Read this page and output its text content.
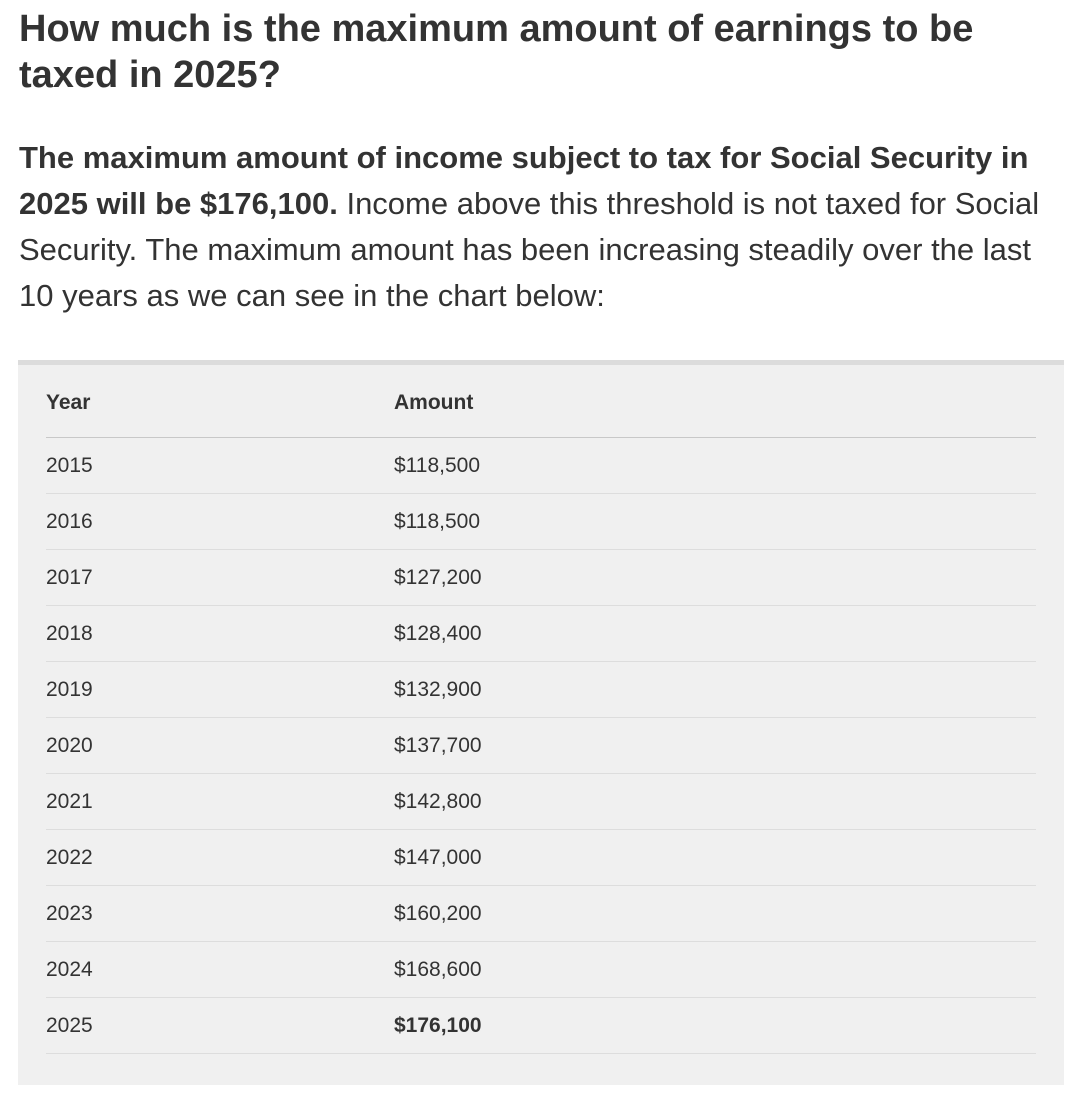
How much is the maximum amount of earnings to be taxed in 2025?

The maximum amount of income subject to tax for Social Security in 2025 will be $176,100. Income above this threshold is not taxed for Social Security. The maximum amount has been increasing steadily over the last 10 years as we can see in the chart below:

Year	Amount
2015	$118,500
2016	$118,500
2017	$127,200
2018	$128,400
2019	$132,900
2020	$137,700
2021	$142,800
2022	$147,000
2023	$160,200
2024	$168,600
2025	$176,100
